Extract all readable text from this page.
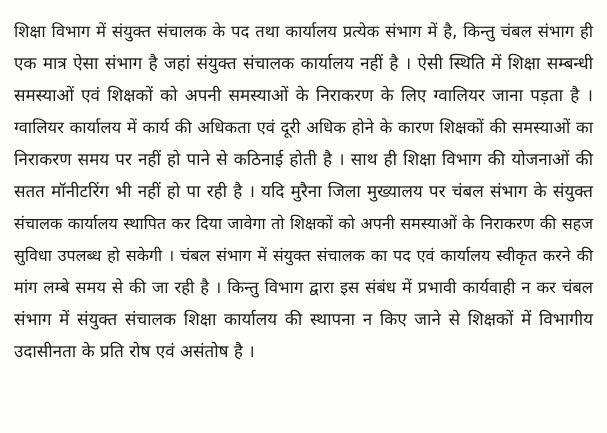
शिक्षा विभाग में संयुक्त संचालक के पद तथा कार्यालय प्रत्येक संभाग में है, किन्तु चंबल संभाग ही
एक मात्र ऐसा संभाग है जहां संयुक्त संचालक कार्यालय नहीं है । ऐसी स्थिति में शिक्षा सम्बन्धी
समस्याओं एवं शिक्षकों को अपनी समस्याओं के निराकरण के लिए ग्वालियर जाना पड़ता है ।
ग्वालियर कार्यालय में कार्य की अधिकता एवं दूरी अधिक होने के कारण शिक्षकों की समस्याओं का
निराकरण समय पर नहीं हो पाने से कठिनाई होती है । साथ ही शिक्षा विभाग की योजनाओं की
सतत मॉनीटरिंग भी नहीं हो पा रही है । यदि मुरैना जिला मुख्यालय पर चंबल संभाग के संयुक्त
संचालक कार्यालय स्थापित कर दिया जावेगा तो शिक्षकों को अपनी समस्याओं के निराकरण की सहज
सुविधा उपलब्ध हो सकेगी । चंबल संभाग में संयुक्त संचालक का पद एवं कार्यालय स्वीकृत करने की
मांग लम्बे समय से की जा रही है । किन्तु विभाग द्वारा इस संबंध में प्रभावी कार्यवाही न कर चंबल
संभाग में संयुक्त संचालक शिक्षा कार्यालय की स्थापना न किए जाने से शिक्षकों में विभागीय
उदासीनता के प्रति रोष एवं असंतोष है ।
